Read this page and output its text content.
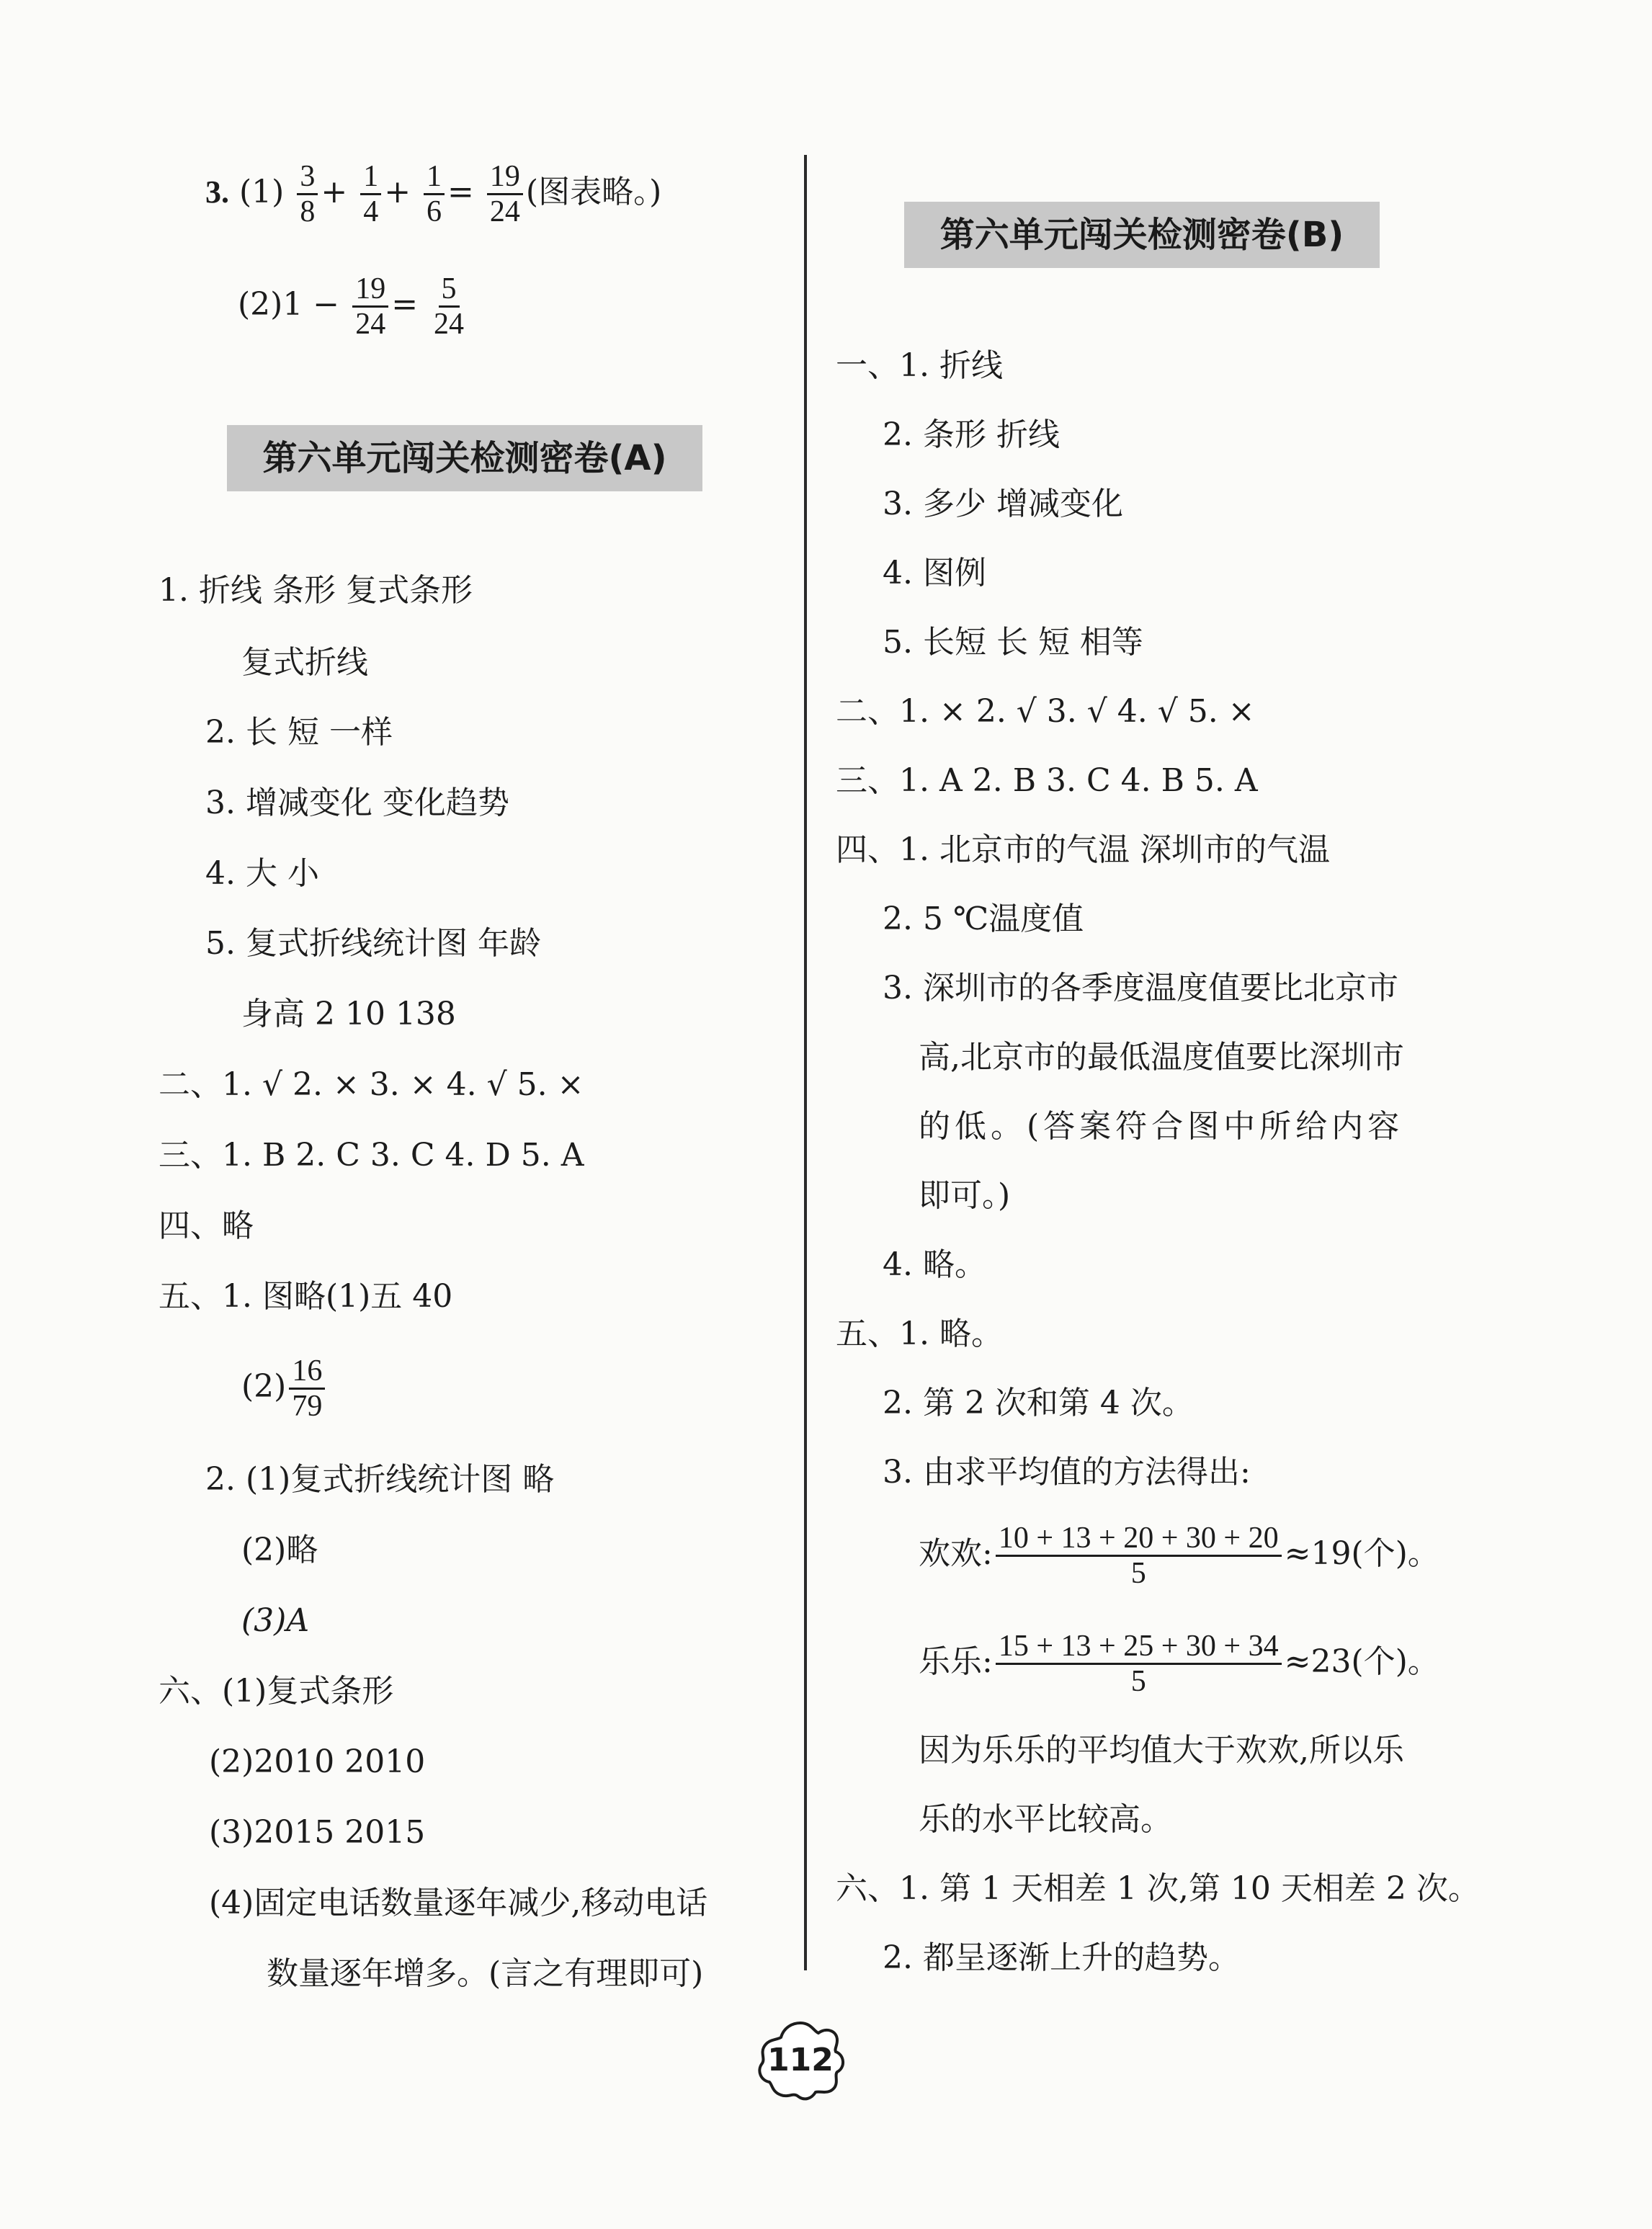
3. $(1) \frac{3}{8} + \frac{1}{4} + \frac{1}{6} = \frac{19}{24}$ (图表略。)
$(2)1 - \frac{19}{24} = \frac{5}{24}$
第六单元闯关检测密卷(A)
1. 折线 条形 复式条形
复式折线
2. 长 短 一样
3. 增减变化 变化趋势
4. 大 小
5. 复式折线统计图 年龄
身高 2 10 138
二、1. √ 2. × 3. × 4. √ 5. ×
三、1. B 2. C 3. C 4. D 5. A
四、略
五、1. 图略(1)五 40
$(2) \frac{16}{79}$
2. (1)复式折线统计图 略
(2)略
(3)A
六、(1)复式条形
(2)2010 2010
(3)2015 2015
(4)固定电话数量逐年减少,移动电话
数量逐年增多。(言之有理即可)
第六单元闯关检测密卷(B)
一、1. 折线
2. 条形 折线
3. 多少 增减变化
4. 图例
5. 长短 长 短 相等
二、1. × 2. √ 3. √ 4. √ 5. ×
三、1. A 2. B 3. C 4. B 5. A
四、1. 北京市的气温 深圳市的气温
2. 5 ℃温度值
3. 深圳市的各季度温度值要比北京市
高,北京市的最低温度值要比深圳市
的低。(答案符合图中所给内容
即可。)
4. 略。
五、1. 略。
2. 第 2 次和第 4 次。
3. 由求平均值的方法得出:
欢欢: $\frac{10 + 13 + 20 + 30 + 20}{5} \approx 19$(个)。
乐乐: $\frac{15 + 13 + 25 + 30 + 34}{5} \approx 23$(个)。
因为乐乐的平均值大于欢欢,所以乐
乐的水平比较高。
六、1. 第 1 天相差 1 次,第 10 天相差 2 次。
2. 都呈逐渐上升的趋势。
112
